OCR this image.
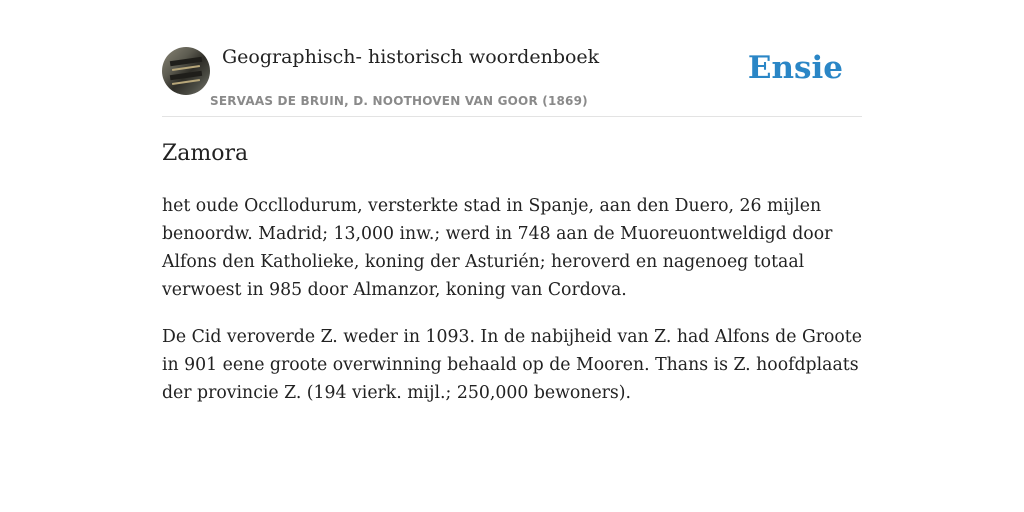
Geographisch- historisch woordenboek
SERVAAS DE BRUIN, D. NOOTHOVEN VAN GOOR (1869)
Ensie
Zamora

het oude Occllodurum, versterkte stad in Spanje, aan den Duero, 26 mijlen benoordw. Madrid; 13,000 inw.; werd in 748 aan de Muoreuontweldigd door Alfons den Katholieke, koning der Asturién; heroverd en nagenoeg totaal verwoest in 985 door Almanzor, koning van Cordova.

De Cid veroverde Z. weder in 1093. In de nabijheid van Z. had Alfons de Groote in 901 eene groote overwinning behaald op de Mooren. Thans is Z. hoofdplaats der provincie Z. (194 vierk. mijl.; 250,000 bewoners).
